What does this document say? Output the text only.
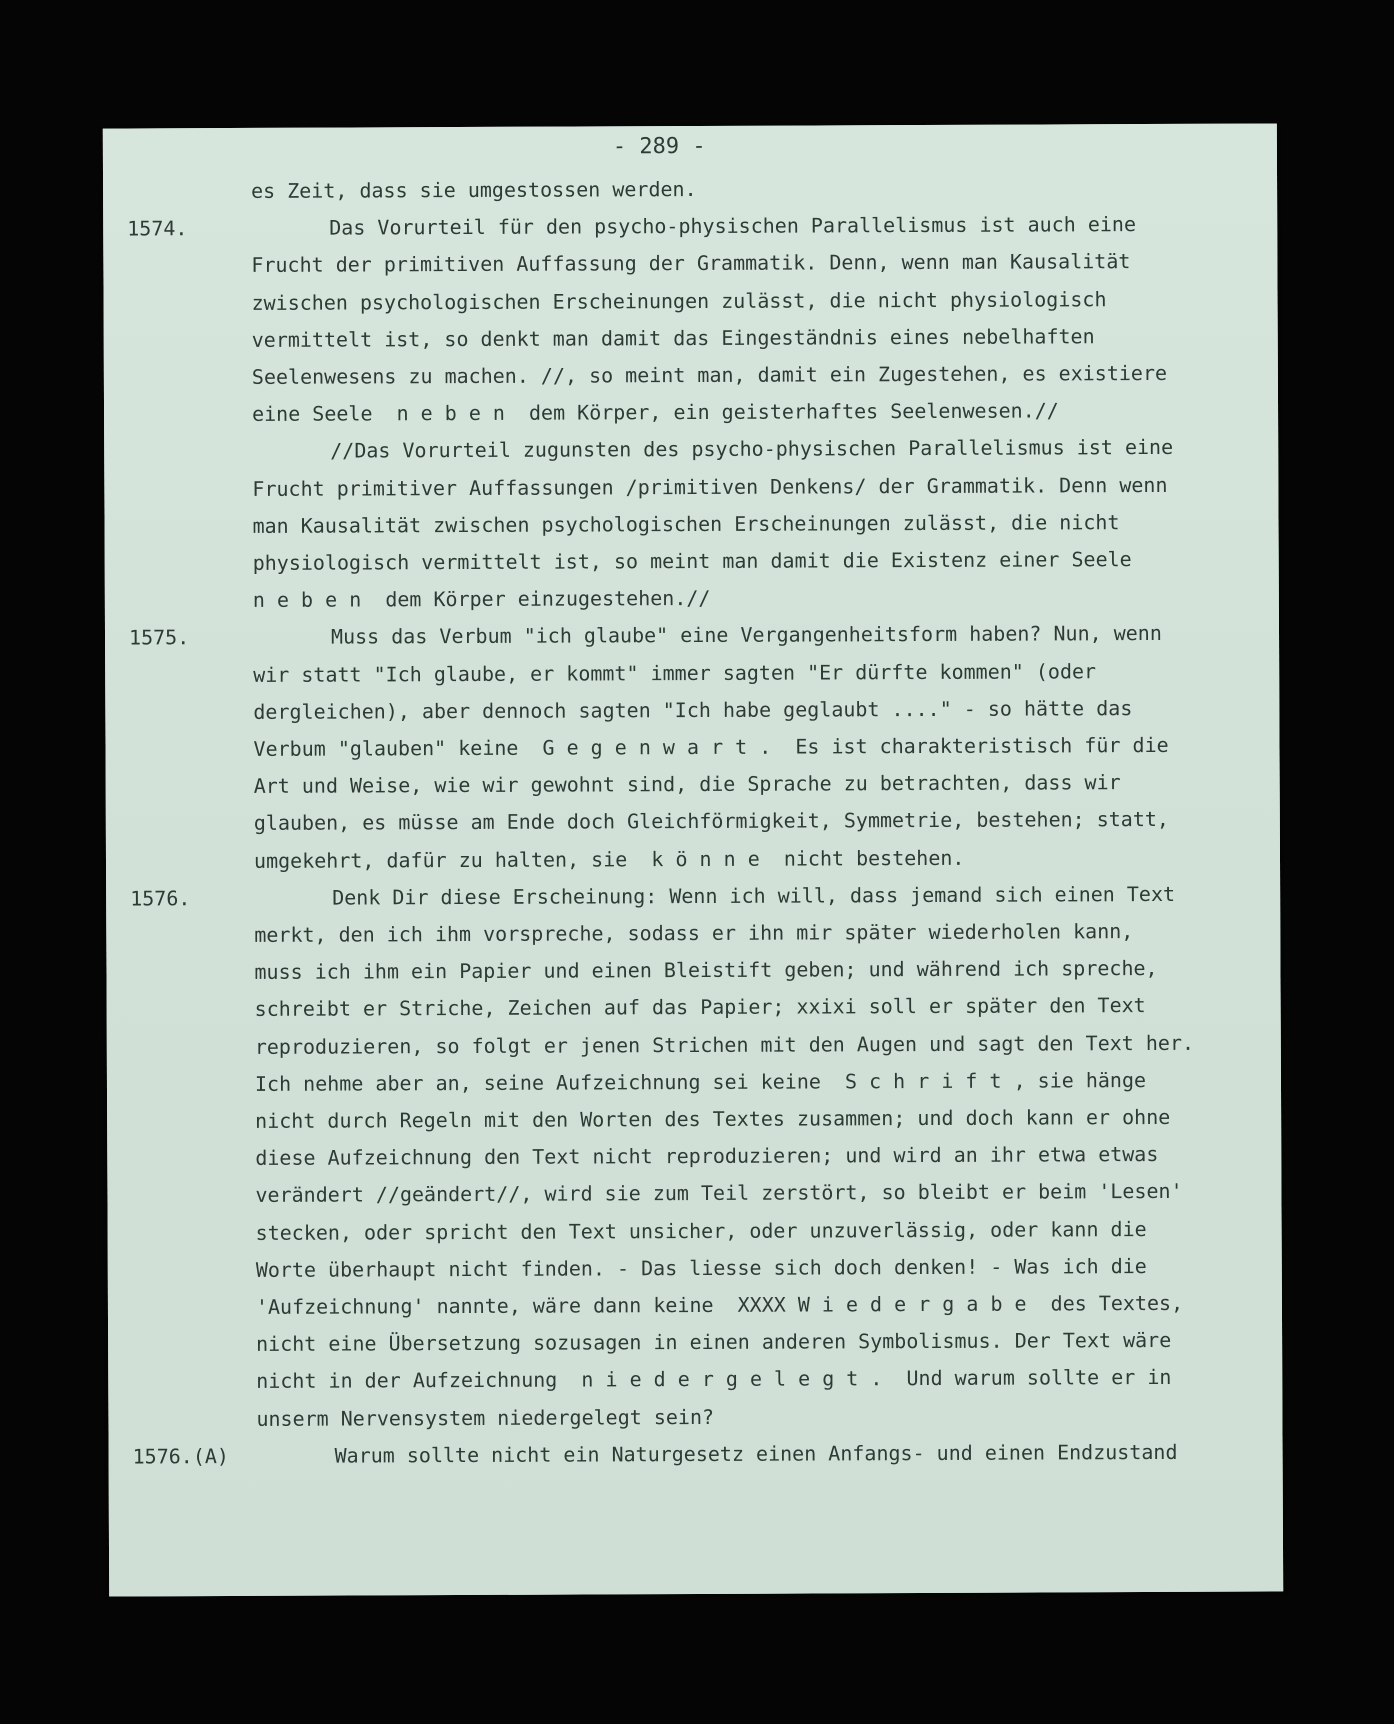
- 289 -
es Zeit, dass sie umgestossen werden.
Das Vorurteil für den psycho-physischen Parallelismus ist auch eine
1574.
Frucht der primitiven Auffassung der Grammatik. Denn, wenn man Kausalität
zwischen psychologischen Erscheinungen zulässt, die nicht physiologisch
vermittelt ist, so denkt man damit das Eingeständnis eines nebelhaften
Seelenwesens zu machen. //, so meint man, damit ein Zugestehen, es existiere
eine Seele  n e b e n  dem Körper, ein geisterhaftes Seelenwesen.//
//Das Vorurteil zugunsten des psycho-physischen Parallelismus ist eine
Frucht primitiver Auffassungen /primitiven Denkens/ der Grammatik. Denn wenn
man Kausalität zwischen psychologischen Erscheinungen zulässt, die nicht
physiologisch vermittelt ist, so meint man damit die Existenz einer Seele
n e b e n  dem Körper einzugestehen.//
Muss das Verbum "ich glaube" eine Vergangenheitsform haben? Nun, wenn
1575.
wir statt "Ich glaube, er kommt" immer sagten "Er dürfte kommen" (oder
dergleichen), aber dennoch sagten "Ich habe geglaubt ...." - so hätte das
Verbum "glauben" keine  G e g e n w a r t .  Es ist charakteristisch für die
Art und Weise, wie wir gewohnt sind, die Sprache zu betrachten, dass wir
glauben, es müsse am Ende doch Gleichförmigkeit, Symmetrie, bestehen; statt,
umgekehrt, dafür zu halten, sie  k ö n n e  nicht bestehen.
Denk Dir diese Erscheinung: Wenn ich will, dass jemand sich einen Text
1576.
merkt, den ich ihm vorspreche, sodass er ihn mir später wiederholen kann,
muss ich ihm ein Papier und einen Bleistift geben; und während ich spreche,
schreibt er Striche, Zeichen auf das Papier; xxixi soll er später den Text
reproduzieren, so folgt er jenen Strichen mit den Augen und sagt den Text her.
Ich nehme aber an, seine Aufzeichnung sei keine  S c h r i f t , sie hänge
nicht durch Regeln mit den Worten des Textes zusammen; und doch kann er ohne
diese Aufzeichnung den Text nicht reproduzieren; und wird an ihr etwa etwas
verändert //geändert//, wird sie zum Teil zerstört, so bleibt er beim 'Lesen'
stecken, oder spricht den Text unsicher, oder unzuverlässig, oder kann die
Worte überhaupt nicht finden. - Das liesse sich doch denken! - Was ich die
'Aufzeichnung' nannte, wäre dann keine  XXXX W i e d e r g a b e  des Textes,
nicht eine Übersetzung sozusagen in einen anderen Symbolismus. Der Text wäre
nicht in der Aufzeichnung  n i e d e r g e l e g t .  Und warum sollte er in
unserm Nervensystem niedergelegt sein?
Warum sollte nicht ein Naturgesetz einen Anfangs- und einen Endzustand
1576.(A)
